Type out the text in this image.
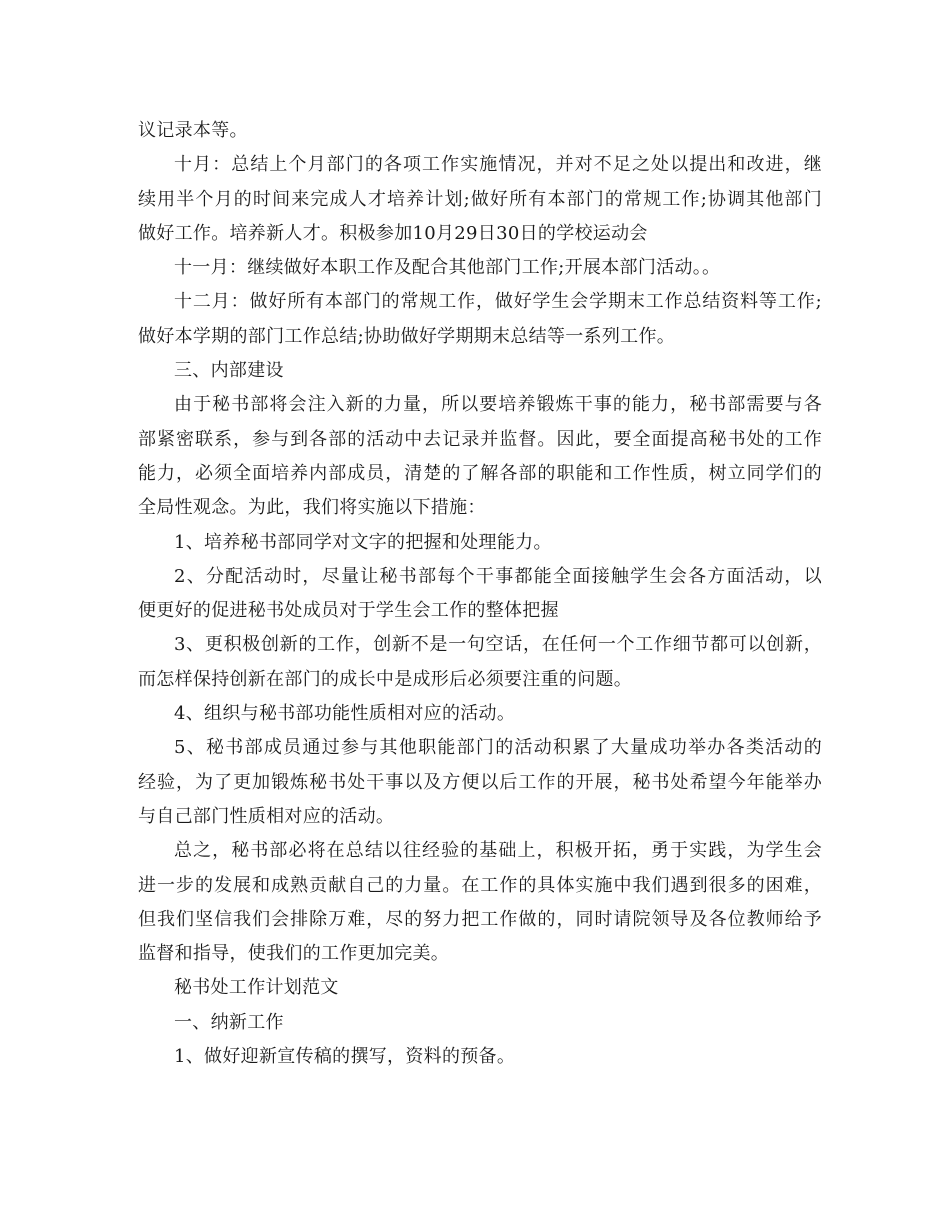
议记录本等。
十月：总结上个月部门的各项工作实施情况，并对不足之处以提出和改进，继
续用半个月的时间来完成人才培养计划;做好所有本部门的常规工作;协调其他部门
做好工作。培养新人才。积极参加10月29日30日的学校运动会
十一月：继续做好本职工作及配合其他部门工作;开展本部门活动。。
十二月：做好所有本部门的常规工作，做好学生会学期末工作总结资料等工作;
做好本学期的部门工作总结;协助做好学期期末总结等一系列工作。
三、内部建设
由于秘书部将会注入新的力量，所以要培养锻炼干事的能力，秘书部需要与各
部紧密联系，参与到各部的活动中去记录并监督。因此，要全面提高秘书处的工作
能力，必须全面培养内部成员，清楚的了解各部的职能和工作性质，树立同学们的
全局性观念。为此，我们将实施以下措施：
1、培养秘书部同学对文字的把握和处理能力。
2、分配活动时，尽量让秘书部每个干事都能全面接触学生会各方面活动，以
便更好的促进秘书处成员对于学生会工作的整体把握
3、更积极创新的工作，创新不是一句空话，在任何一个工作细节都可以创新，
而怎样保持创新在部门的成长中是成形后必须要注重的问题。
4、组织与秘书部功能性质相对应的活动。
5、秘书部成员通过参与其他职能部门的活动积累了大量成功举办各类活动的
经验，为了更加锻炼秘书处干事以及方便以后工作的开展，秘书处希望今年能举办
与自己部门性质相对应的活动。
总之，秘书部必将在总结以往经验的基础上，积极开拓，勇于实践，为学生会
进一步的发展和成熟贡献自己的力量。在工作的具体实施中我们遇到很多的困难，
但我们坚信我们会排除万难，尽的努力把工作做的，同时请院领导及各位教师给予
监督和指导，使我们的工作更加完美。
秘书处工作计划范文
一、纳新工作
1、做好迎新宣传稿的撰写，资料的预备。
